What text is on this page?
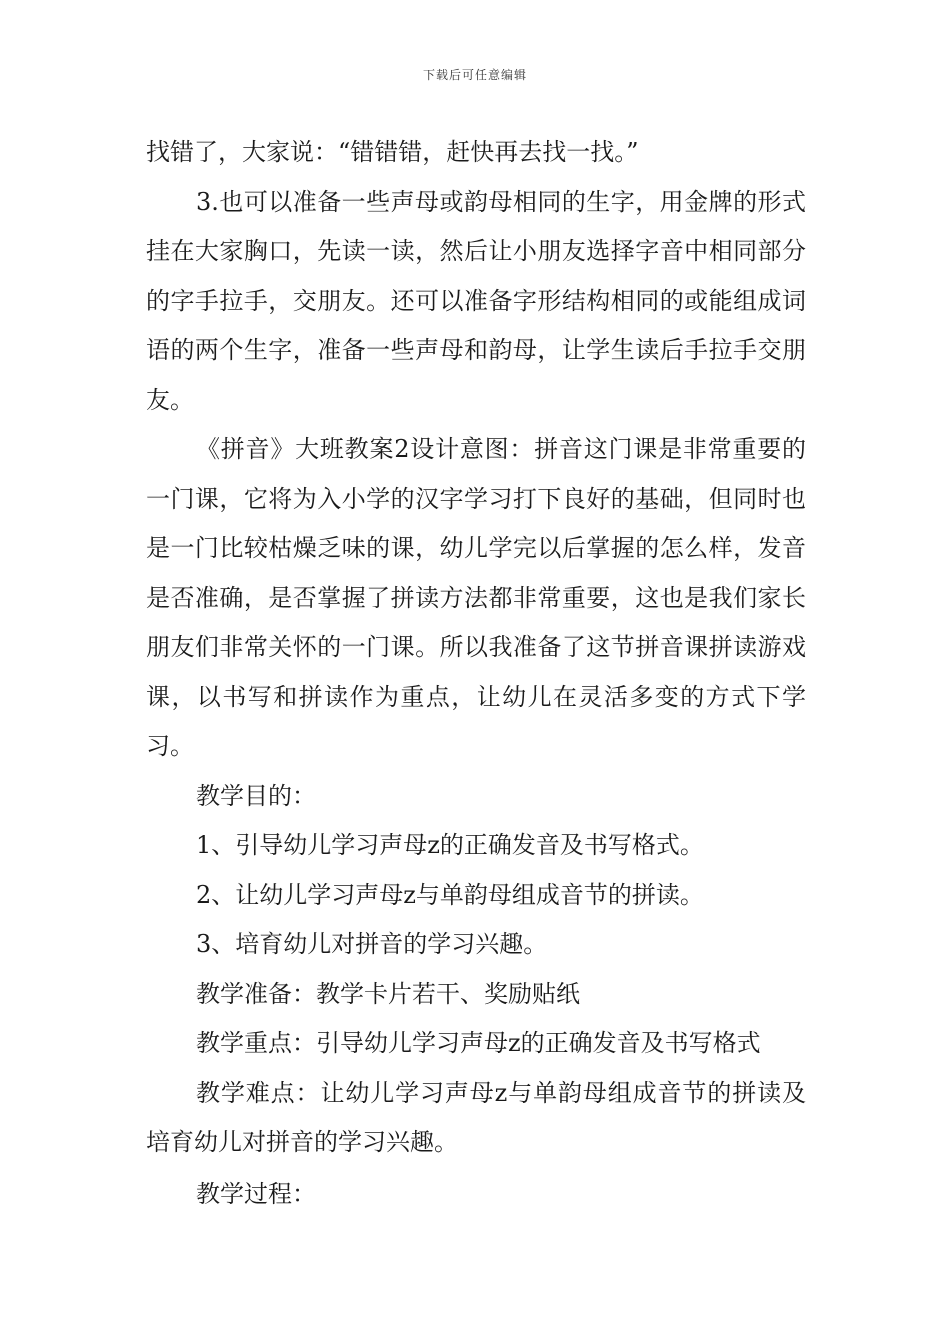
下载后可任意编辑

找错了，大家说：“错错错，赶快再去找一找。”

3.也可以准备一些声母或韵母相同的生字，用金牌的形式挂在大家胸口，先读一读，然后让小朋友选择字音中相同部分的字手拉手，交朋友。还可以准备字形结构相同的或能组成词语的两个生字，准备一些声母和韵母，让学生读后手拉手交朋友。

《拼音》大班教案2设计意图：拼音这门课是非常重要的一门课，它将为入小学的汉字学习打下良好的基础，但同时也是一门比较枯燥乏味的课，幼儿学完以后掌握的怎么样，发音是否准确，是否掌握了拼读方法都非常重要，这也是我们家长朋友们非常关怀的一门课。所以我准备了这节拼音课拼读游戏课，以书写和拼读作为重点，让幼儿在灵活多变的方式下学习。

教学目的：

1、引导幼儿学习声母z的正确发音及书写格式。

2、让幼儿学习声母z与单韵母组成音节的拼读。

3、培育幼儿对拼音的学习兴趣。

教学准备：教学卡片若干、奖励贴纸

教学重点：引导幼儿学习声母z的正确发音及书写格式

教学难点：让幼儿学习声母z与单韵母组成音节的拼读及培育幼儿对拼音的学习兴趣。

教学过程：
